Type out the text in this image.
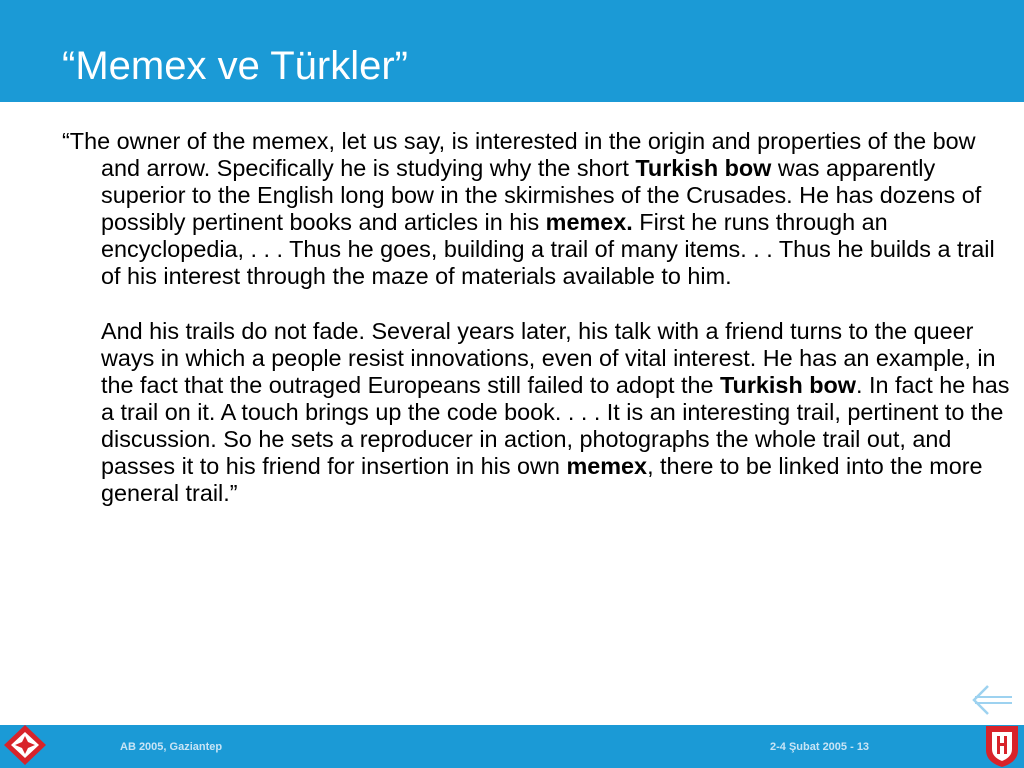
“Memex ve Türkler”

“The owner of the memex, let us say, is interested in the origin and properties of the bow and arrow. Specifically he is studying why the short Turkish bow was apparently superior to the English long bow in the skirmishes of the Crusades. He has dozens of possibly pertinent books and articles in his memex. First he runs through an encyclopedia, . . . Thus he goes, building a trail of many items. . . Thus he builds a trail of his interest through the maze of materials available to him.

And his trails do not fade. Several years later, his talk with a friend turns to the queer ways in which a people resist innovations, even of vital interest. He has an example, in the fact that the outraged Europeans still failed to adopt the Turkish bow. In fact he has a trail on it. A touch brings up the code book. . . . It is an interesting trail, pertinent to the discussion. So he sets a reproducer in action, photographs the whole trail out, and passes it to his friend for insertion in his own memex, there to be linked into the more general trail.”

AB 2005, Gaziantep	2-4 Şubat 2005 - 13
